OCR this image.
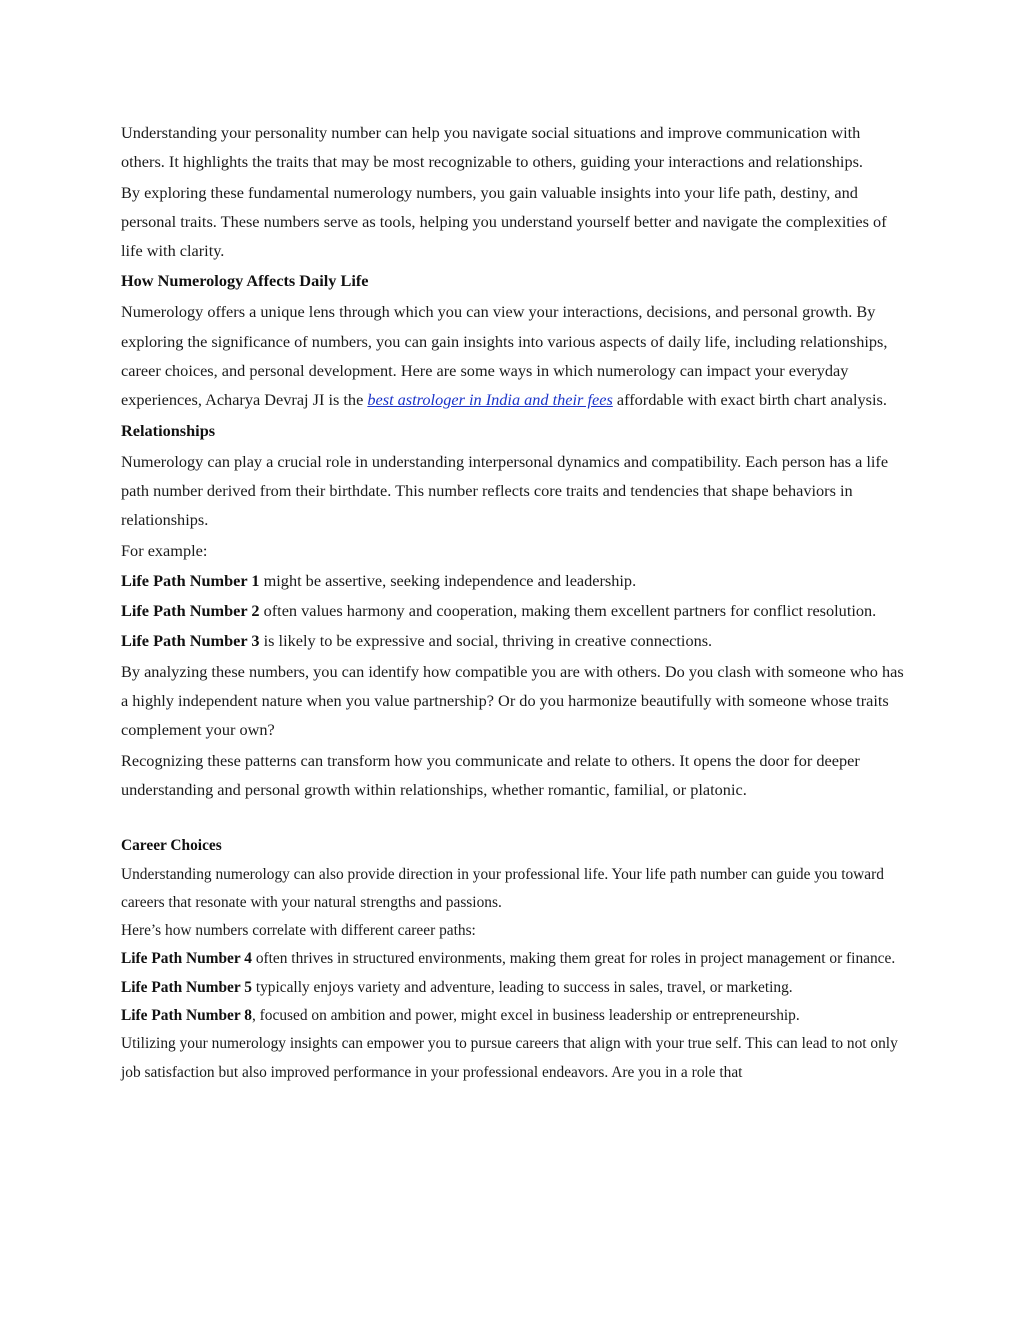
Understanding your personality number can help you navigate social situations and improve communication with others. It highlights the traits that may be most recognizable to others, guiding your interactions and relationships.

By exploring these fundamental numerology numbers, you gain valuable insights into your life path, destiny, and personal traits. These numbers serve as tools, helping you understand yourself better and navigate the complexities of life with clarity.

How Numerology Affects Daily Life

Numerology offers a unique lens through which you can view your interactions, decisions, and personal growth. By exploring the significance of numbers, you can gain insights into various aspects of daily life, including relationships, career choices, and personal development. Here are some ways in which numerology can impact your everyday experiences, Acharya Devraj JI is the best astrologer in India and their fees affordable with exact birth chart analysis.

Relationships

Numerology can play a crucial role in understanding interpersonal dynamics and compatibility. Each person has a life path number derived from their birthdate. This number reflects core traits and tendencies that shape behaviors in relationships.

For example:

Life Path Number 1 might be assertive, seeking independence and leadership.

Life Path Number 2 often values harmony and cooperation, making them excellent partners for conflict resolution.

Life Path Number 3 is likely to be expressive and social, thriving in creative connections.

By analyzing these numbers, you can identify how compatible you are with others. Do you clash with someone who has a highly independent nature when you value partnership? Or do you harmonize beautifully with someone whose traits complement your own?

Recognizing these patterns can transform how you communicate and relate to others. It opens the door for deeper understanding and personal growth within relationships, whether romantic, familial, or platonic.

Career Choices

Understanding numerology can also provide direction in your professional life. Your life path number can guide you toward careers that resonate with your natural strengths and passions.

Here’s how numbers correlate with different career paths:

Life Path Number 4 often thrives in structured environments, making them great for roles in project management or finance.

Life Path Number 5 typically enjoys variety and adventure, leading to success in sales, travel, or marketing.

Life Path Number 8, focused on ambition and power, might excel in business leadership or entrepreneurship.

Utilizing your numerology insights can empower you to pursue careers that align with your true self. This can lead to not only job satisfaction but also improved performance in your professional endeavors. Are you in a role that
